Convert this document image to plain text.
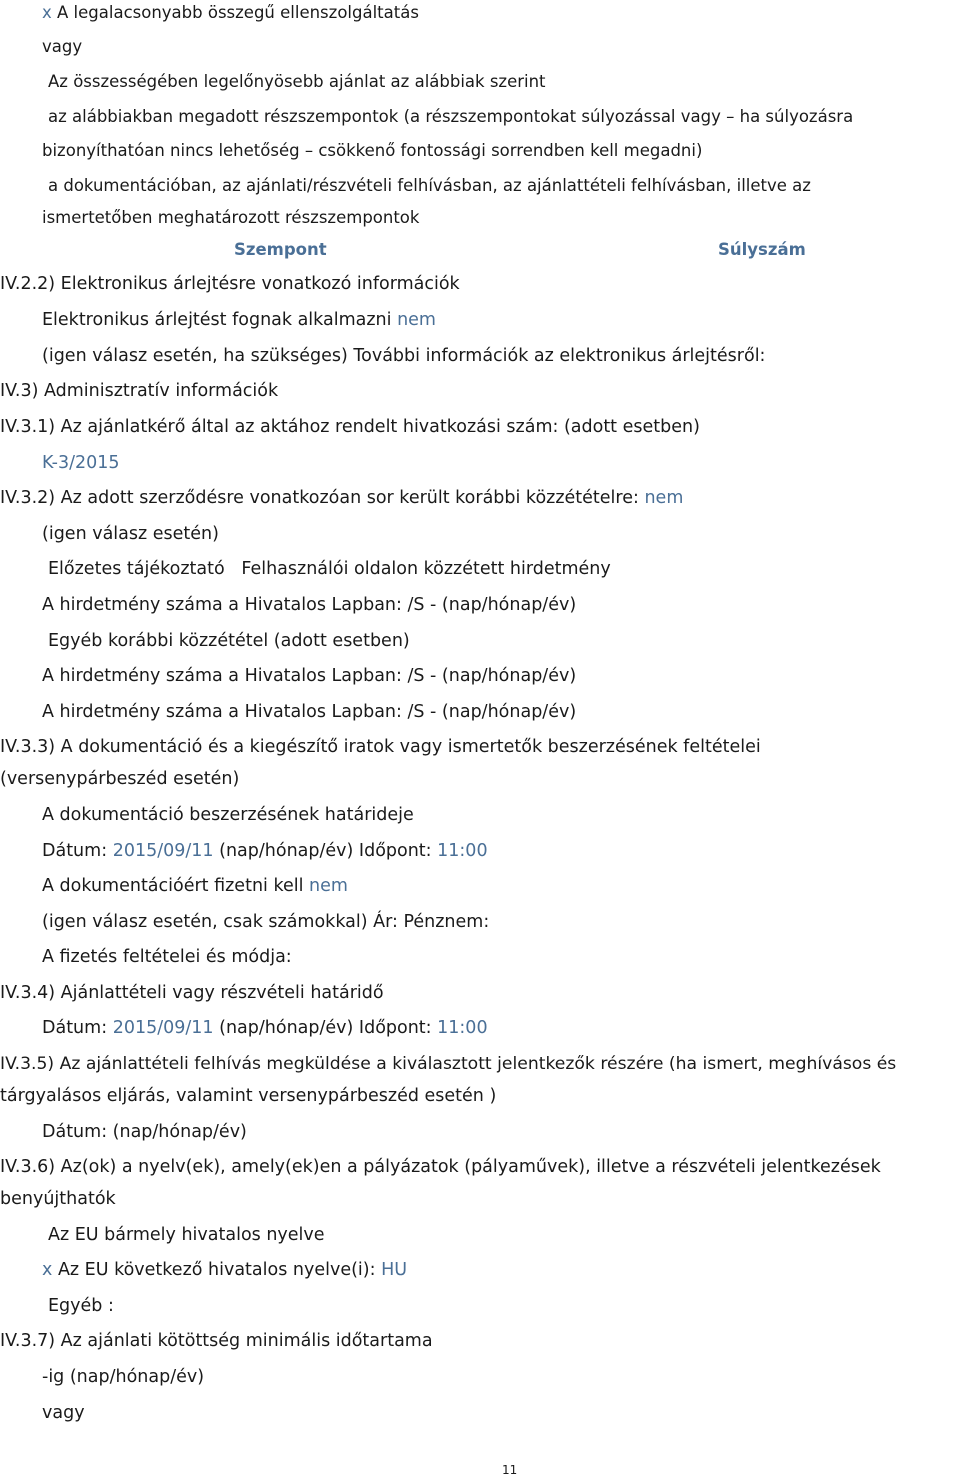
x A legalacsonyabb összegű ellenszolgáltatás
vagy
Az összességében legelőnyösebb ajánlat az alábbiak szerint
az alábbiakban megadott részszempontok (a részszempontokat súlyozással vagy – ha súlyozásra
bizonyíthatóan nincs lehetőség – csökkenő fontossági sorrendben kell megadni)
a dokumentációban, az ajánlati/részvételi felhívásban, az ajánlattételi felhívásban, illetve az
ismertetőben meghatározott részszempontok
Szempont	Súlyszám
IV.2.2) Elektronikus árlejtésre vonatkozó információk
Elektronikus árlejtést fognak alkalmazni nem
(igen válasz esetén, ha szükséges) További információk az elektronikus árlejtésről:
IV.3) Adminisztratív információk
IV.3.1) Az ajánlatkérő által az aktához rendelt hivatkozási szám: (adott esetben)
K-3/2015
IV.3.2) Az adott szerződésre vonatkozóan sor került korábbi közzétételre: nem
(igen válasz esetén)
Előzetes tájékoztató   Felhasználói oldalon közzétett hirdetmény
A hirdetmény száma a Hivatalos Lapban: /S - (nap/hónap/év)
Egyéb korábbi közzététel (adott esetben)
A hirdetmény száma a Hivatalos Lapban: /S - (nap/hónap/év)
A hirdetmény száma a Hivatalos Lapban: /S - (nap/hónap/év)
IV.3.3) A dokumentáció és a kiegészítő iratok vagy ismertetők beszerzésének feltételei
(versenypárbeszéd esetén)
A dokumentáció beszerzésének határideje
Dátum: 2015/09/11 (nap/hónap/év) Időpont: 11:00
A dokumentációért fizetni kell nem
(igen válasz esetén, csak számokkal) Ár: Pénznem:
A fizetés feltételei és módja:
IV.3.4) Ajánlattételi vagy részvételi határidő
Dátum: 2015/09/11 (nap/hónap/év) Időpont: 11:00
IV.3.5) Az ajánlattételi felhívás megküldése a kiválasztott jelentkezők részére (ha ismert, meghívásos és
tárgyalásos eljárás, valamint versenypárbeszéd esetén )
Dátum: (nap/hónap/év)
IV.3.6) Az(ok) a nyelv(ek), amely(ek)en a pályázatok (pályaművek), illetve a részvételi jelentkezések
benyújthatók
Az EU bármely hivatalos nyelve
x Az EU következő hivatalos nyelve(i): HU
Egyéb :
IV.3.7) Az ajánlati kötöttség minimális időtartama
-ig (nap/hónap/év)
vagy
11
